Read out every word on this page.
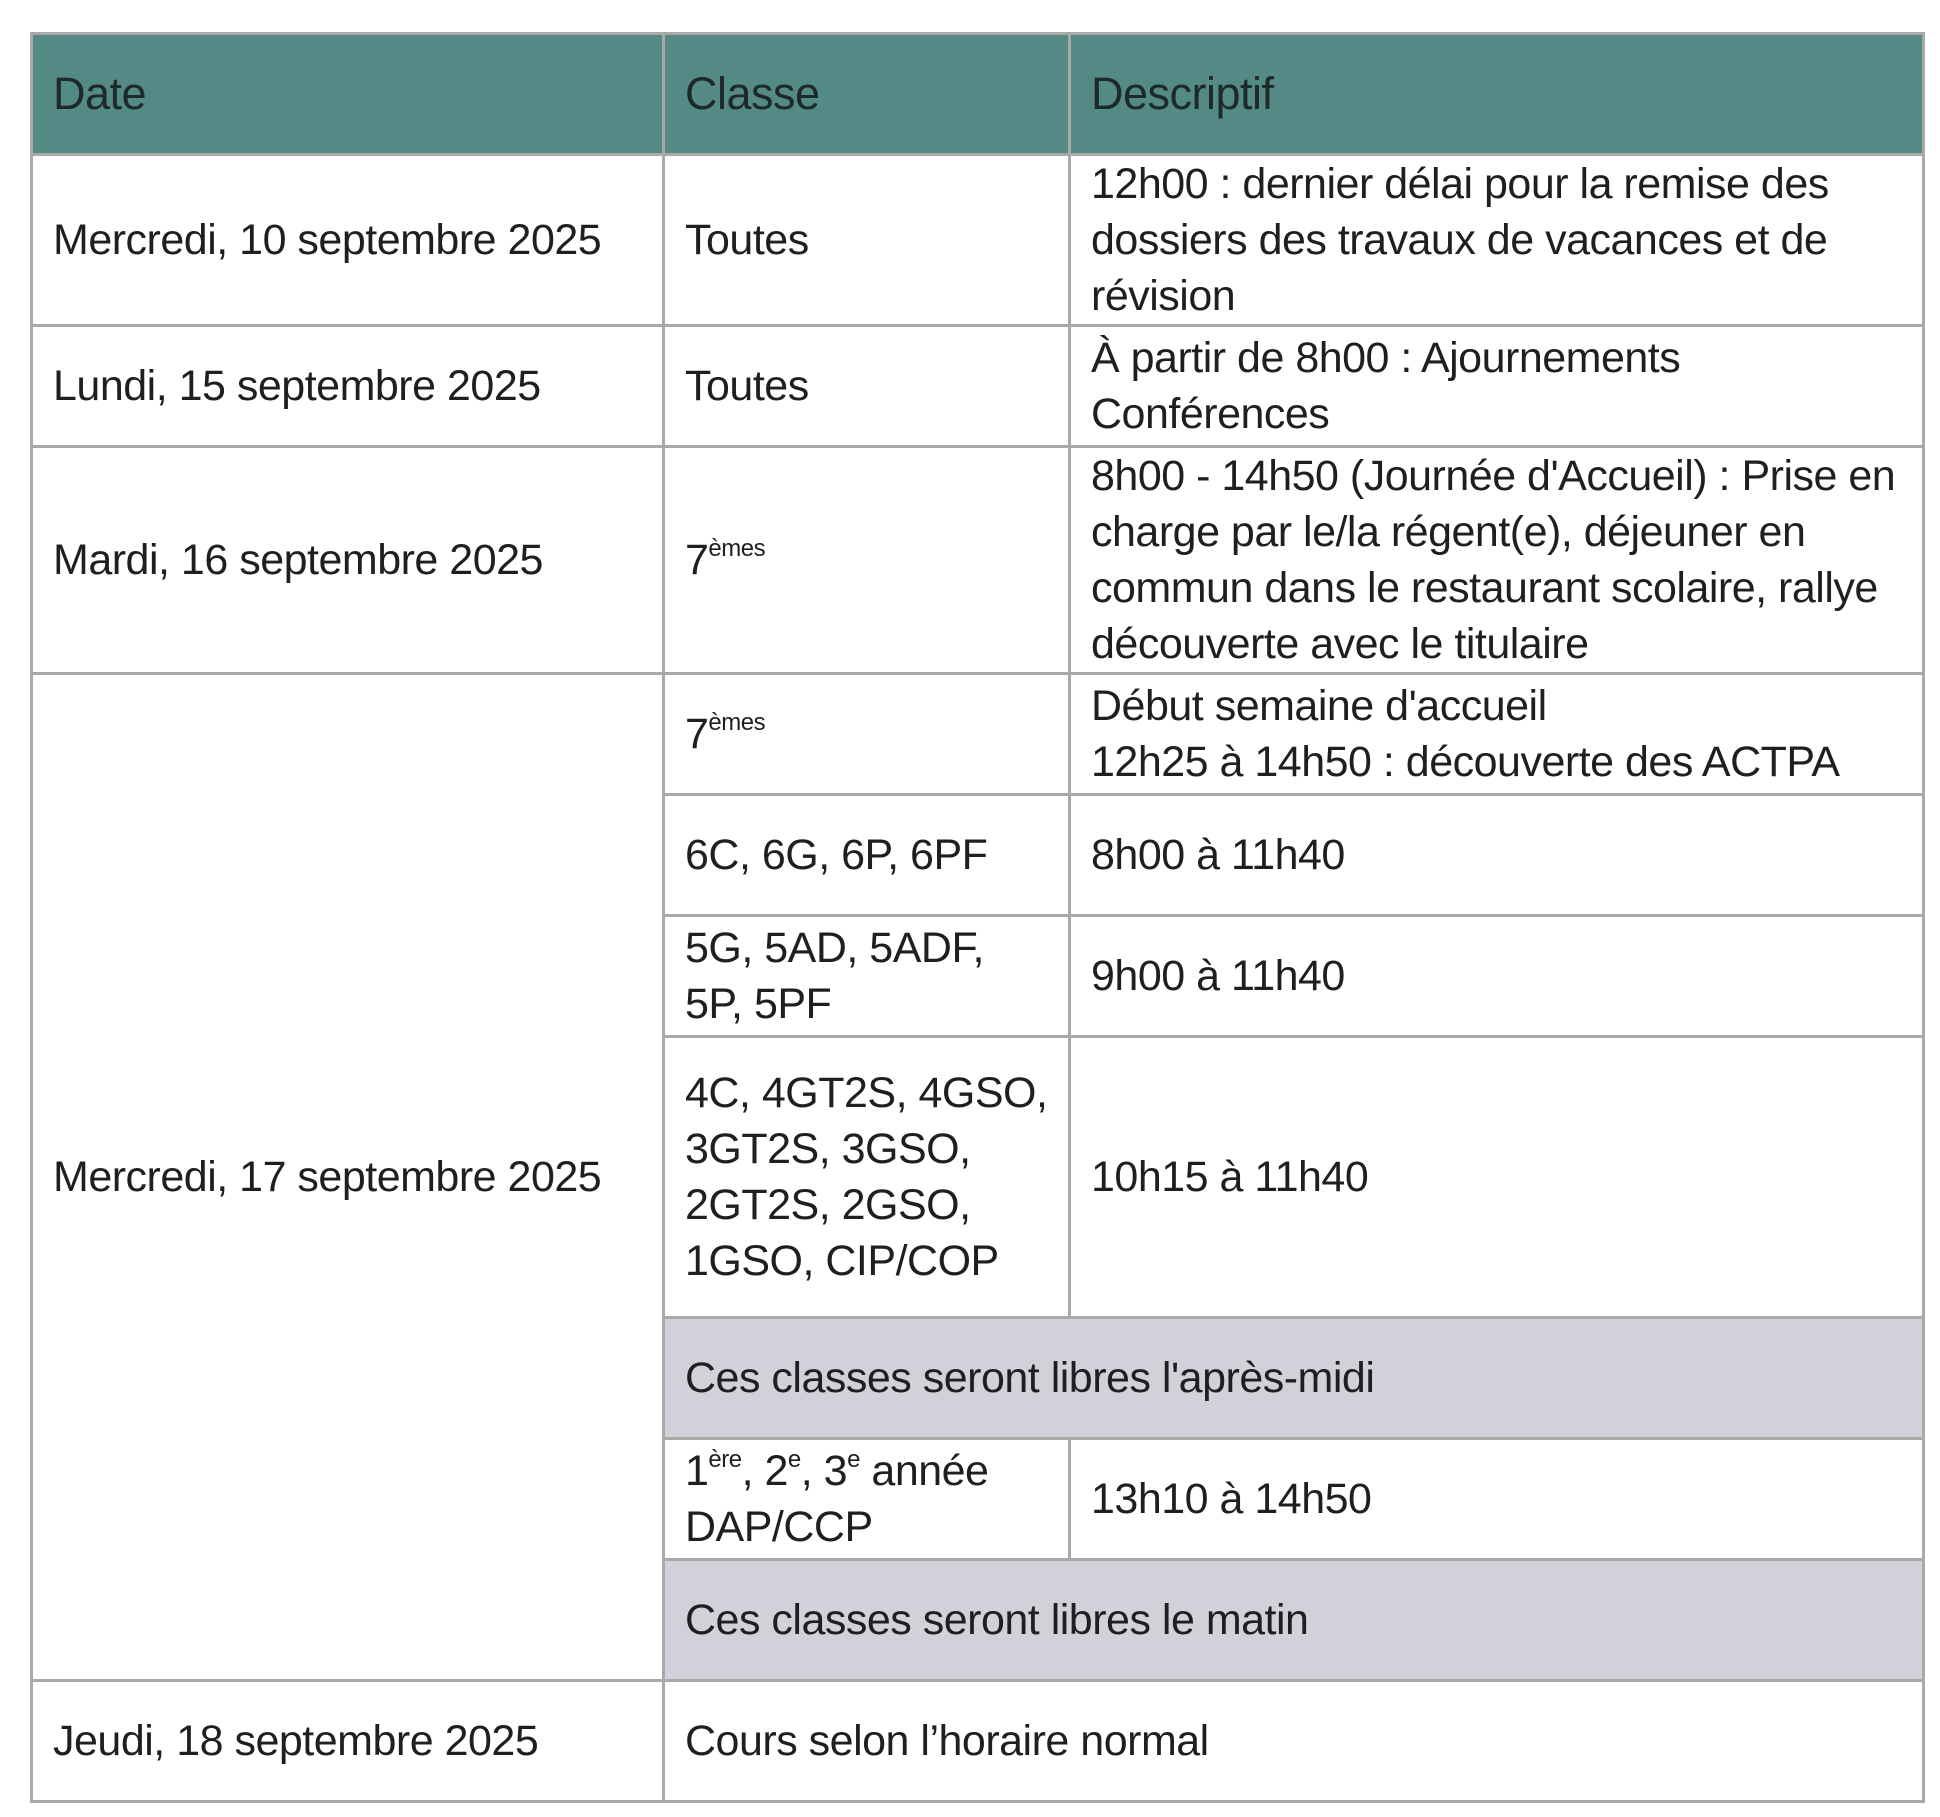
Date	Classe	Descriptif
Mercredi, 10 septembre 2025	Toutes	12h00 : dernier délai pour la remise des dossiers des travaux de vacances et de révision
Lundi, 15 septembre 2025	Toutes	À partir de 8h00 : Ajournements Conférences
Mardi, 16 septembre 2025	7èmes	8h00 - 14h50 (Journée d'Accueil) : Prise en charge par le/la régent(e), déjeuner en commun dans le restaurant scolaire, rallye découverte avec le titulaire
Mercredi, 17 septembre 2025	7èmes	Début semaine d'accueil
12h25 à 14h50 : découverte des ACTPA

	6C, 6G, 6P, 6PF	8h00 à 11h40
	5G, 5AD, 5ADF, 5P, 5PF	9h00 à 11h40
	4C, 4GT2S, 4GSO, 3GT2S, 3GSO, 2GT2S, 2GSO, 1GSO, CIP/COP	10h15 à 11h40
	Ces classes seront libres l'après-midi	
	1ère, 2e, 3e année DAP/CCP	13h10 à 14h50
	Ces classes seront libres le matin	
Jeudi, 18 septembre 2025	Cours selon l’horaire normal	
